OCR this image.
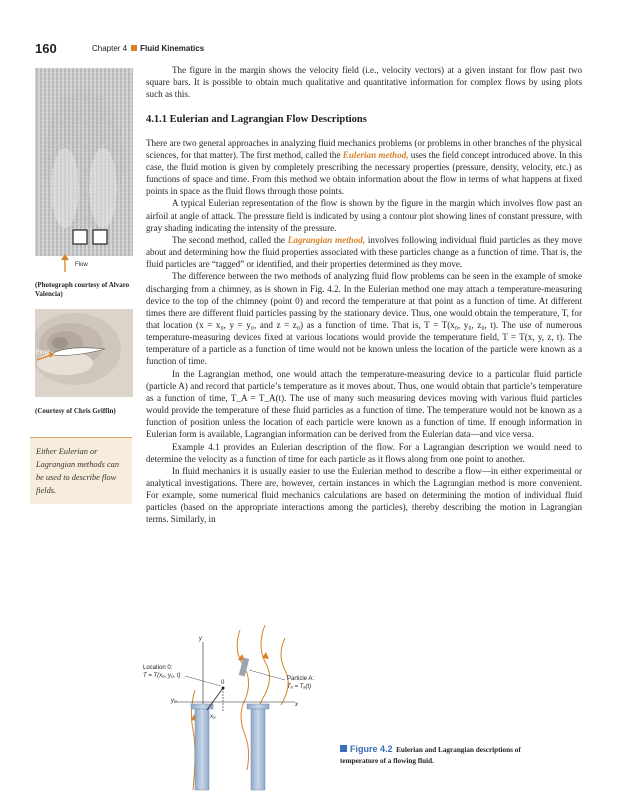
160	Chapter 4 Fluid Kinematics
Flow
(Photograph courtesy of Alvaro Valencia)
Flow
(Courtesy of Chris Griffin)
Either Eulerian or Lagrangian methods can be used to describe flow fields.

The figure in the margin shows the velocity field (i.e., velocity vectors) at a given instant for flow past two square bars. It is possible to obtain much qualitative and quantitative information for complex flows by using plots such as this.

4.1.1 Eulerian and Lagrangian Flow Descriptions

There are two general approaches in analyzing fluid mechanics problems (or problems in other branches of the physical sciences, for that matter). The first method, called the Eulerian method, uses the field concept introduced above. In this case, the fluid motion is given by completely prescribing the necessary properties (pressure, density, velocity, etc.) as functions of space and time. From this method we obtain information about the flow in terms of what happens at fixed points in space as the fluid flows through those points.

A typical Eulerian representation of the flow is shown by the figure in the margin which involves flow past an airfoil at angle of attack. The pressure field is indicated by using a contour plot showing lines of constant pressure, with gray shading indicating the intensity of the pressure.

The second method, called the Lagrangian method, involves following individual fluid particles as they move about and determining how the fluid properties associated with these particles change as a function of time. That is, the fluid particles are “tagged” or identified, and their properties determined as they move.

The difference between the two methods of analyzing fluid flow problems can be seen in the example of smoke discharging from a chimney, as is shown in Fig. 4.2. In the Eulerian method one may attach a temperature-measuring device to the top of the chimney (point 0) and record the temperature at that point as a function of time. At different times there are different fluid particles passing by the stationary device. Thus, one would obtain the temperature, T, for that location (x = x₀, y = y₀, and z = z₀) as a function of time. That is, T = T(x₀, y₀, z₀, t). The use of numerous temperature-measuring devices fixed at various locations would provide the temperature field, T = T(x, y, z, t). The temperature of a particle as a function of time would not be known unless the location of the particle were known as a function of time.

In the Lagrangian method, one would attach the temperature-measuring device to a particular fluid particle (particle A) and record that particle’s temperature as it moves about. Thus, one would obtain that particle’s temperature as a function of time, T_A = T_A(t). The use of many such measuring devices moving with various fluid particles would provide the temperature of these fluid particles as a function of time. The temperature would not be known as a function of position unless the location of each particle were known as a function of time. If enough information in Eulerian form is available, Lagrangian information can be derived from the Eulerian data—and vice versa.

Example 4.1 provides an Eulerian description of the flow. For a Lagrangian description we would need to determine the velocity as a function of time for each particle as it flows along from one point to another.

In fluid mechanics it is usually easier to use the Eulerian method to describe a flow—in either experimental or analytical investigations. There are, however, certain instances in which the Lagrangian method is more convenient. For example, some numerical fluid mechanics calculations are based on determining the motion of individual fluid particles (based on the appropriate interactions among the particles), thereby describing the motion in Lagrangian terms. Similarly, in

y
x
0
Location 0:
T = T(x₀, y₀, t)	Particle A:
Tₐ = Tₐ(t)
y₀
x₀
Figure 4.2 Eulerian and Lagrangian descriptions of temperature of a flowing fluid.
